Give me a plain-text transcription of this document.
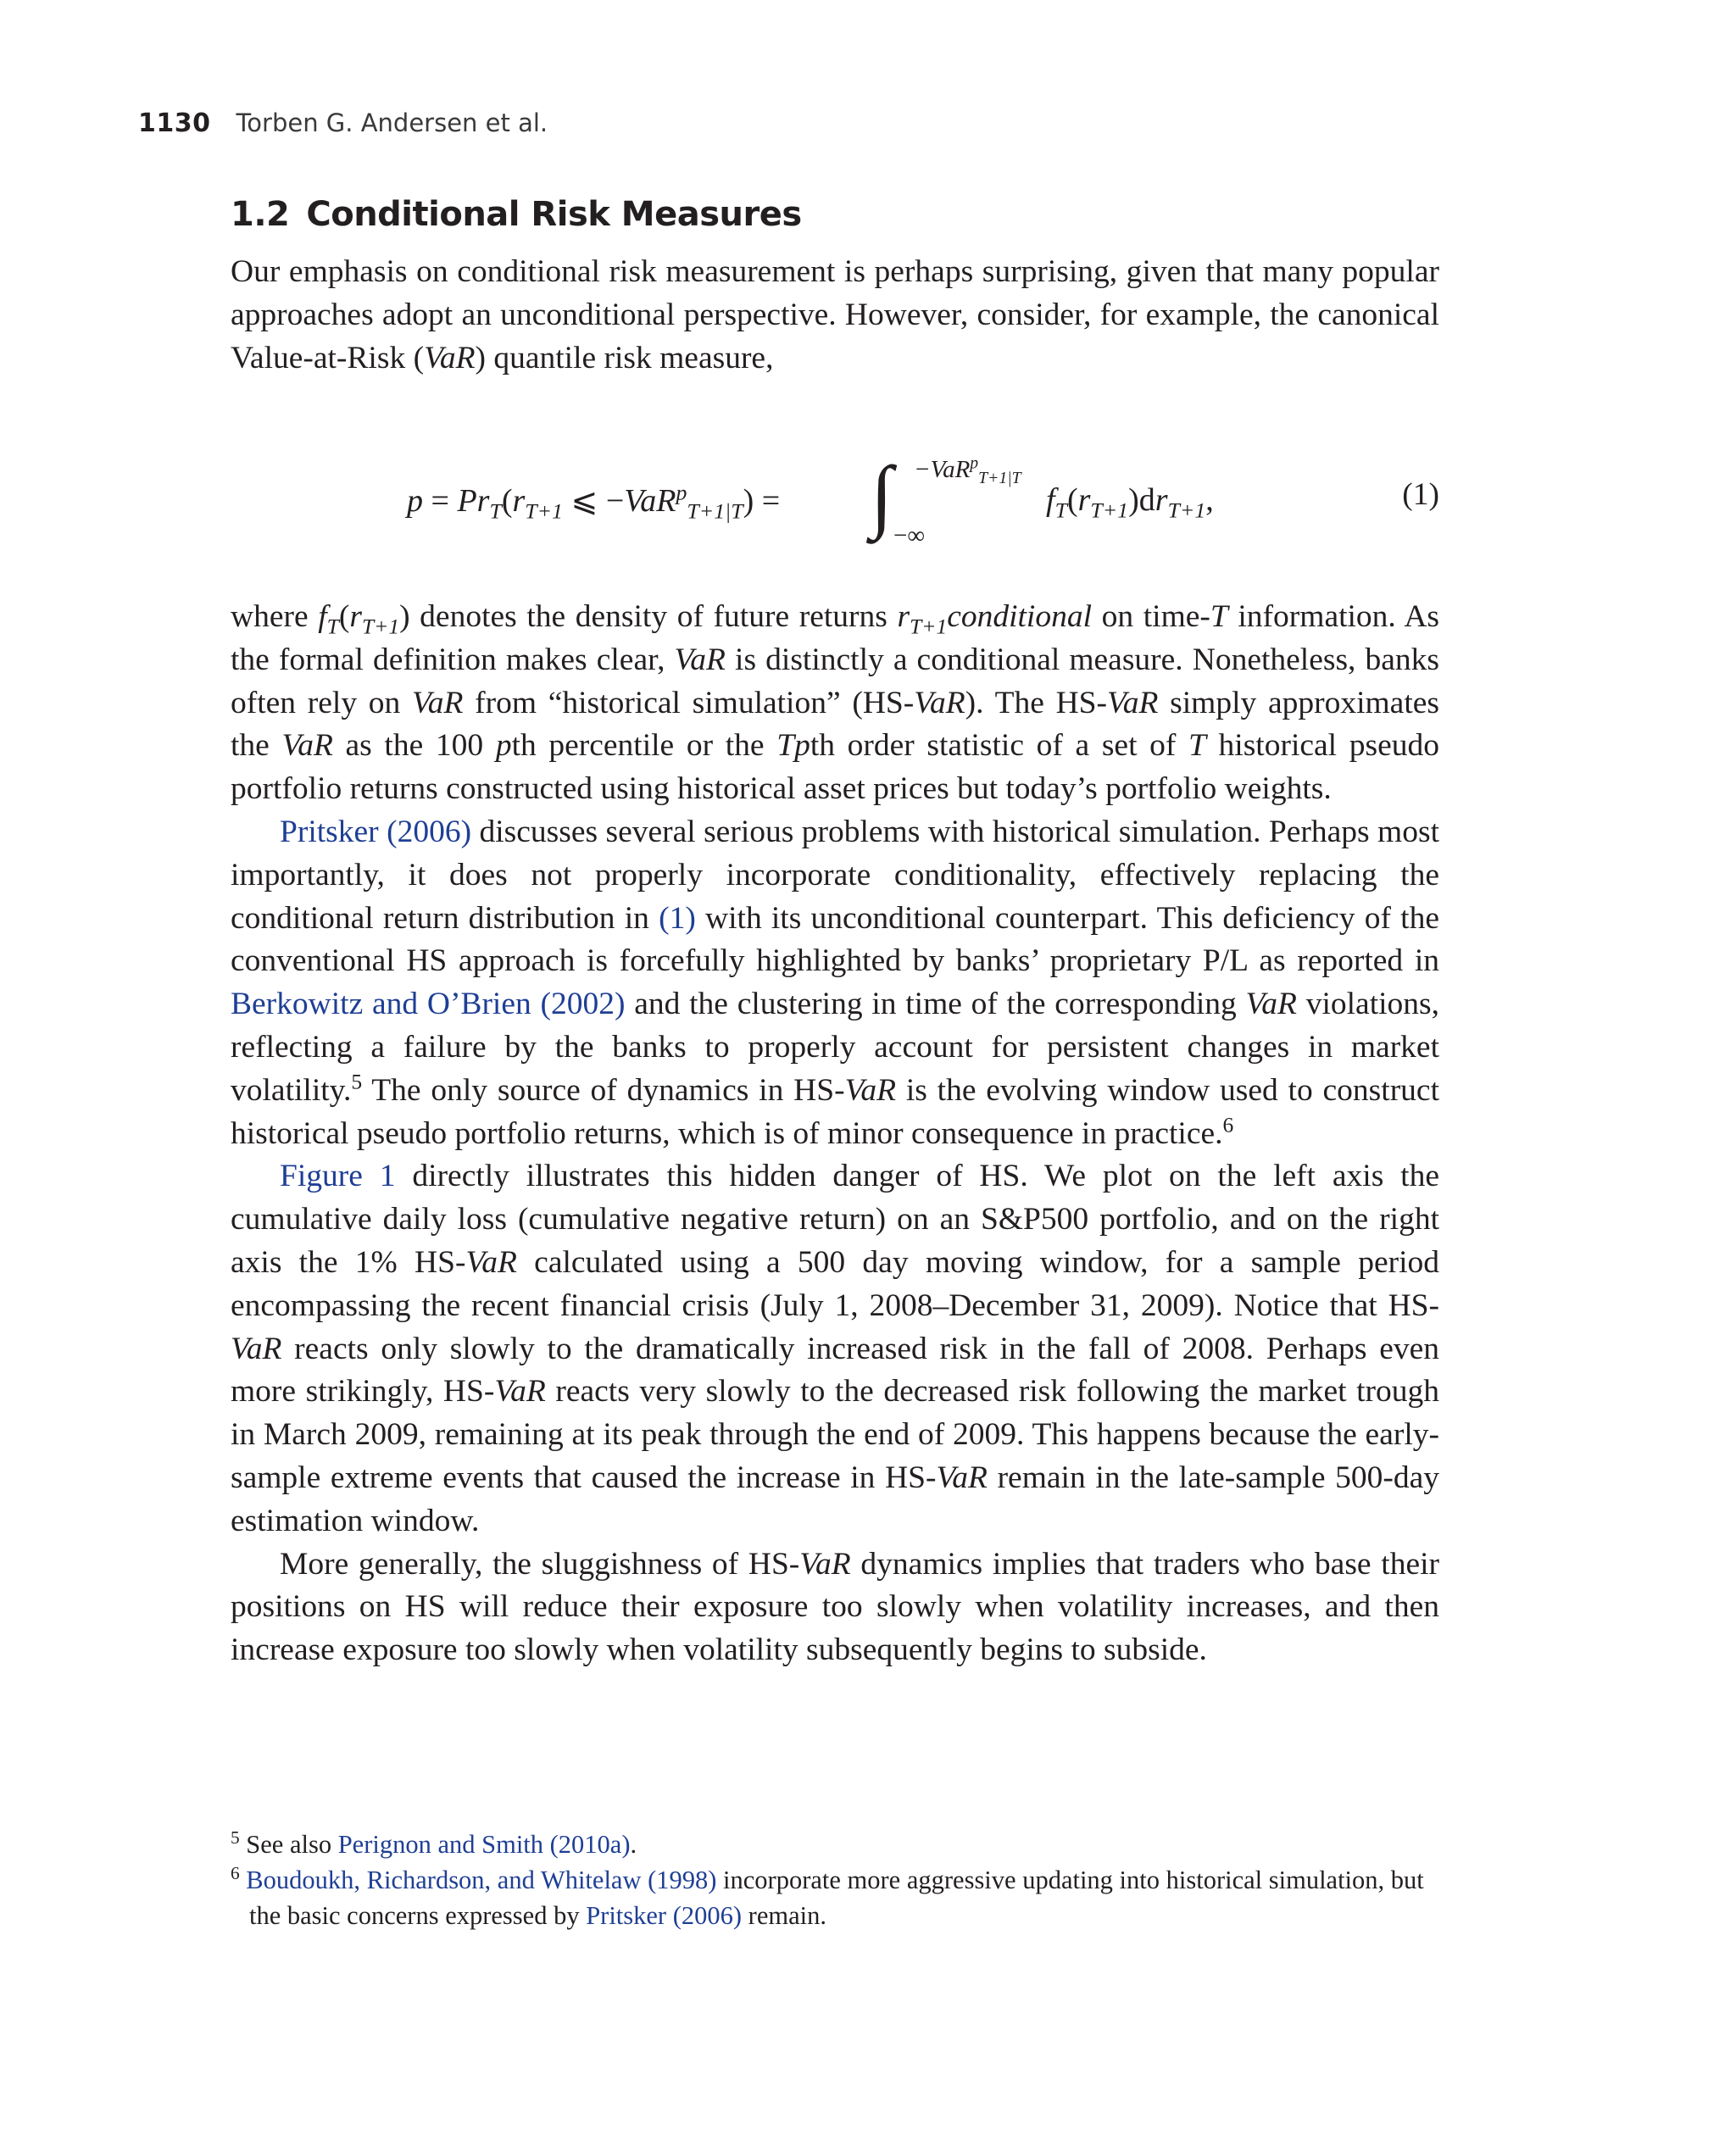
1130 Torben G. Andersen et al.
1.2 Conditional Risk Measures

Our emphasis on conditional risk measurement is perhaps surprising, given that many popular approaches adopt an unconditional perspective. However, consider, for example, the canonical Value-at-Risk (VaR) quantile risk measure,

$p = Pr_T(r_{T+1}$ ⩽ −VaR$^p_{T+1|T}$) = ∫ −VaR$^p_{T+1|T}$
−∞
$f_T(r_{T+1})dr_{T+1}$,	(1)

where $f_T(r_{T+1})$ denotes the density of future returns $r_{T+1}conditional$ on time-T information. As the formal definition makes clear, VaR is distinctly a conditional measure. Nonetheless, banks often rely on VaR from “historical simulation” (HS-VaR). The HS-VaR simply approximates the VaR as the 100 pth percentile or the Tpth order statistic of a set of T historical pseudo portfolio returns constructed using historical asset prices but today’s portfolio weights.

Pritsker (2006) discusses several serious problems with historical simulation. Perhaps most importantly, it does not properly incorporate conditionality, effectively replacing the conditional return distribution in (1) with its unconditional counterpart. This deficiency of the conventional HS approach is forcefully highlighted by banks’ proprietary P/L as reported in Berkowitz and O’Brien (2002) and the clustering in time of the corresponding VaR violations, reflecting a failure by the banks to properly account for persistent changes in market volatility.$^5$ The only source of dynamics in HS-VaR is the evolving window used to construct historical pseudo portfolio returns, which is of minor consequence in practice.$^6$

Figure 1 directly illustrates this hidden danger of HS. We plot on the left axis the cumulative daily loss (cumulative negative return) on an S&P500 portfolio, and on the right axis the 1% HS-VaR calculated using a 500 day moving window, for a sample period encompassing the recent financial crisis (July 1, 2008–December 31, 2009). Notice that HS-VaR reacts only slowly to the dramatically increased risk in the fall of 2008. Perhaps even more strikingly, HS-VaR reacts very slowly to the decreased risk following the market trough in March 2009, remaining at its peak through the end of 2009. This happens because the early-sample extreme events that caused the increase in HS-VaR remain in the late-sample 500-day estimation window.

More generally, the sluggishness of HS-VaR dynamics implies that traders who base their positions on HS will reduce their exposure too slowly when volatility increases, and then increase exposure too slowly when volatility subsequently begins to subside.

$^5$ See also Perignon and Smith (2010a).

$^6$ Boudoukh, Richardson, and Whitelaw (1998) incorporate more aggressive updating into historical simulation, but the basic concerns expressed by Pritsker (2006) remain.
